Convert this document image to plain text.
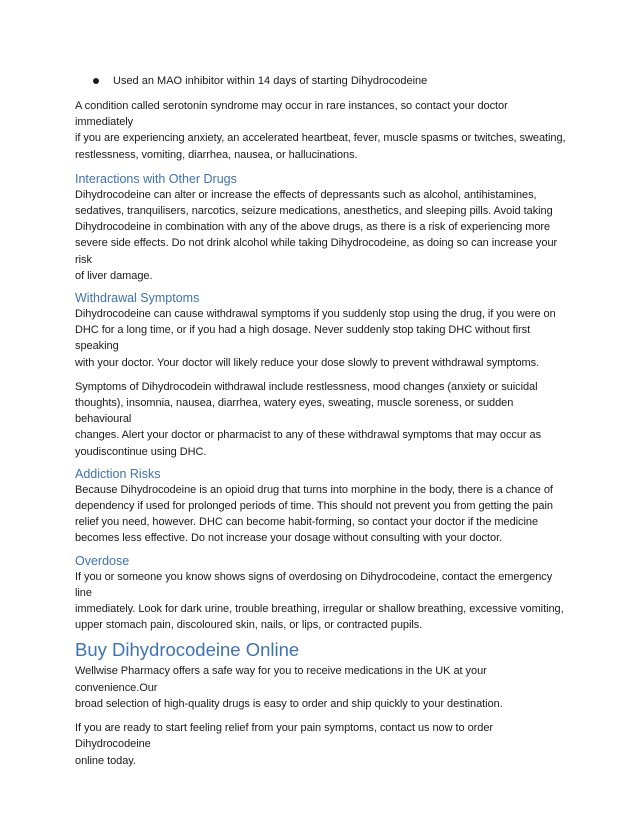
Used an MAO inhibitor within 14 days of starting Dihydrocodeine

A condition called serotonin syndrome may occur in rare instances, so contact your doctor immediately

if you are experiencing anxiety, an accelerated heartbeat, fever, muscle spasms or twitches, sweating,

restlessness, vomiting, diarrhea, nausea, or hallucinations.

Interactions with Other Drugs

Dihydrocodeine can alter or increase the effects of depressants such as alcohol, antihistamines,

sedatives, tranquilisers, narcotics, seizure medications, anesthetics, and sleeping pills. Avoid taking

Dihydrocodeine in combination with any of the above drugs, as there is a risk of experiencing more

severe side effects. Do not drink alcohol while taking Dihydrocodeine, as doing so can increase your risk

of liver damage.

Withdrawal Symptoms

Dihydrocodeine can cause withdrawal symptoms if you suddenly stop using the drug, if you were on

DHC for a long time, or if you had a high dosage. Never suddenly stop taking DHC without first speaking

with your doctor. Your doctor will likely reduce your dose slowly to prevent withdrawal symptoms.

Symptoms of Dihydrocodein withdrawal include restlessness, mood changes (anxiety or suicidal

thoughts), insomnia, nausea, diarrhea, watery eyes, sweating, muscle soreness, or sudden behavioural

changes. Alert your doctor or pharmacist to any of these withdrawal symptoms that may occur as

youdiscontinue using DHC.

Addiction Risks

Because Dihydrocodeine is an opioid drug that turns into morphine in the body, there is a chance of

dependency if used for prolonged periods of time. This should not prevent you from getting the pain

relief you need, however. DHC can become habit-forming, so contact your doctor if the medicine

becomes less effective. Do not increase your dosage without consulting with your doctor.

Overdose

If you or someone you know shows signs of overdosing on Dihydrocodeine, contact the emergency line

immediately. Look for dark urine, trouble breathing, irregular or shallow breathing, excessive vomiting,

upper stomach pain, discoloured skin, nails, or lips, or contracted pupils.

Buy Dihydrocodeine Online

Wellwise Pharmacy offers a safe way for you to receive medications in the UK at your convenience.Our

broad selection of high-quality drugs is easy to order and ship quickly to your destination.

If you are ready to start feeling relief from your pain symptoms, contact us now to order Dihydrocodeine

online today.
